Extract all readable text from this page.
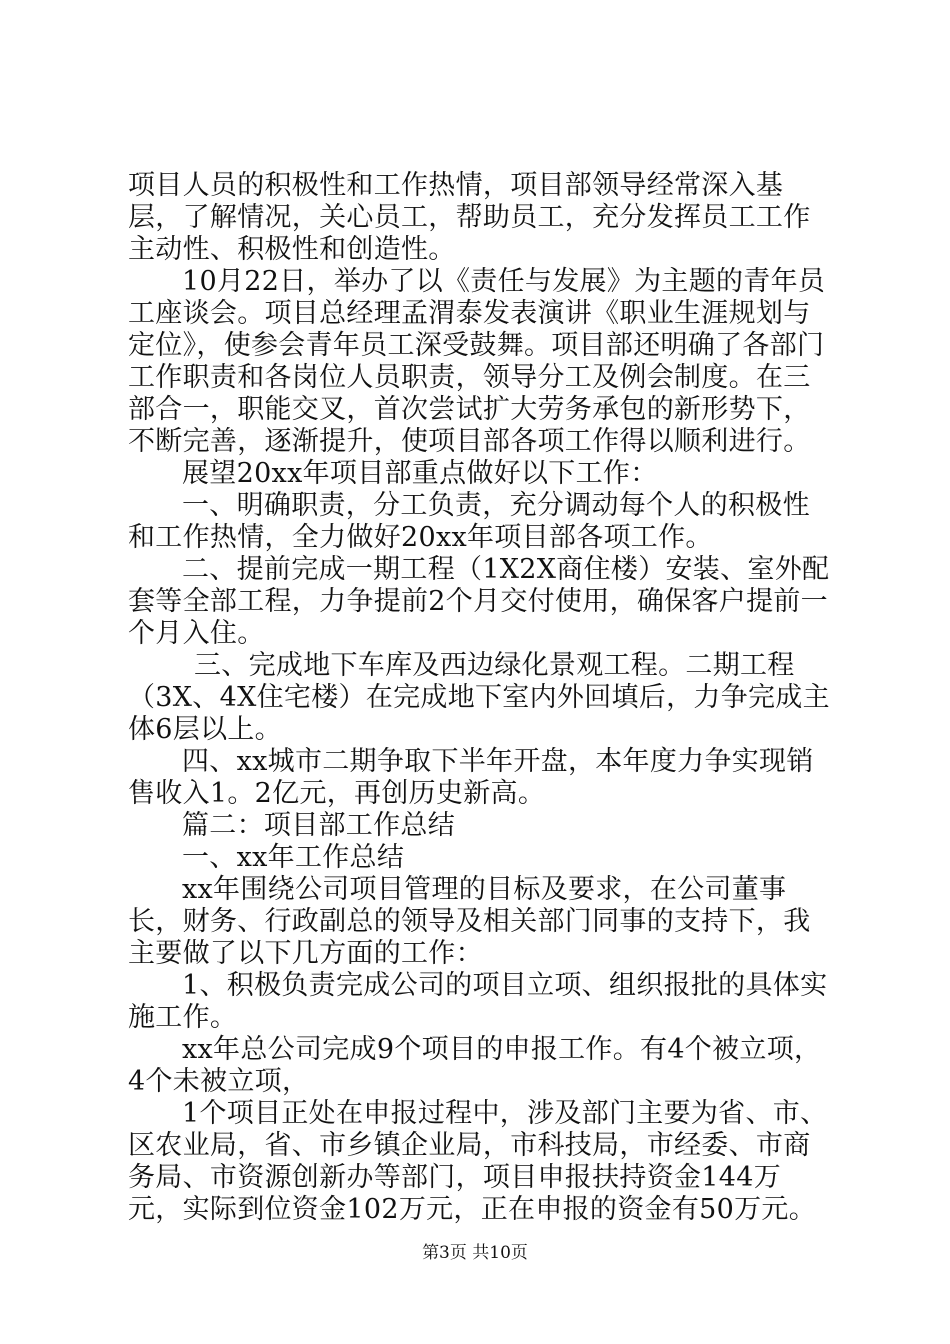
项目人员的积极性和工作热情，项目部领导经常深入基层，了解情况，关心员工，帮助员工，充分发挥员工工作主动性、积极性和创造性。

10月22日，举办了以《责任与发展》为主题的青年员工座谈会。项目总经理孟渭泰发表演讲《职业生涯规划与定位》，使参会青年员工深受鼓舞。项目部还明确了各部门工作职责和各岗位人员职责，领导分工及例会制度。在三部合一，职能交叉，首次尝试扩大劳务承包的新形势下，不断完善，逐渐提升，使项目部各项工作得以顺利进行。

展望20xx年项目部重点做好以下工作：

一、明确职责，分工负责，充分调动每个人的积极性和工作热情，全力做好20xx年项目部各项工作。

二、提前完成一期工程（1X2X商住楼）安装、室外配套等全部工程，力争提前2个月交付使用，确保客户提前一个月入住。

三、完成地下车库及西边绿化景观工程。二期工程（3X、4X住宅楼）在完成地下室内外回填后，力争完成主体6层以上。

四、xx城市二期争取下半年开盘，本年度力争实现销售收入1。2亿元，再创历史新高。

篇二：项目部工作总结

一、xx年工作总结

xx年围绕公司项目管理的目标及要求，在公司董事长，财务、行政副总的领导及相关部门同事的支持下，我主要做了以下几方面的工作：

1、积极负责完成公司的项目立项、组织报批的具体实施工作。

xx年总公司完成9个项目的申报工作。有4个被立项，4个未被立项，

1个项目正处在申报过程中，涉及部门主要为省、市、区农业局，省、市乡镇企业局，市科技局，市经委、市商务局、市资源创新办等部门，项目申报扶持资金144万元，实际到位资金102万元，正在申报的资金有50万元。

第3页 共10页
